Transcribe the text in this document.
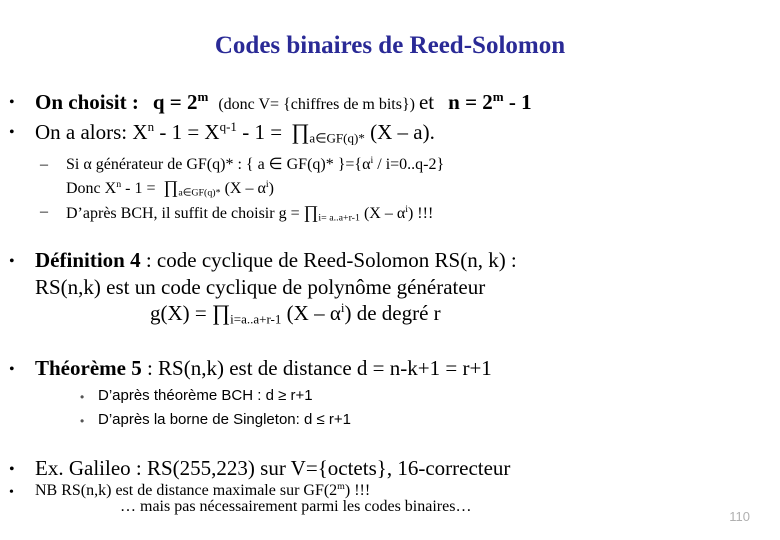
Codes binaires de Reed-Solomon
• On choisit : $q = 2^m$ (donc V= {chiffres de m bits}) et $n = 2^m - 1$
• On a alors: $X^n - 1 = X^{q-1} - 1$ = $\prod_{a\in GF(q)*}$ (X – a).
– Si α générateur de GF(q)* : { a ∈ GF(q)* }$=\{\alpha^i / i=0..q-2\}$
Donc $X^n - 1$ = $\prod_{a\in GF(q)*}$ $(X - \alpha^i)$
– D’après BCH, il suffit de choisir $g = \prod_{i= a..a+r-1}$ $(X - \alpha^i)$ !!!
• Définition 4 : code cyclique de Reed-Solomon RS(n, k) :
RS(n,k) est un code cyclique de polynôme générateur
$g(X) = \prod_{i=a..a+r-1}$ $(X - \alpha^i)$ de degré r
• Théorème 5 : RS(n,k) est de distance d = n-k+1 = r+1
• D’après théorème BCH : d ≥ r+1
• D’après la borne de Singleton: d ≤ r+1
• Ex. Galileo : RS(255,223) sur V={octets}, 16-correcteur
• NB RS(n,k) est de distance maximale sur GF(2$^m$) !!!
… mais pas nécessairement parmi les codes binaires…
110
